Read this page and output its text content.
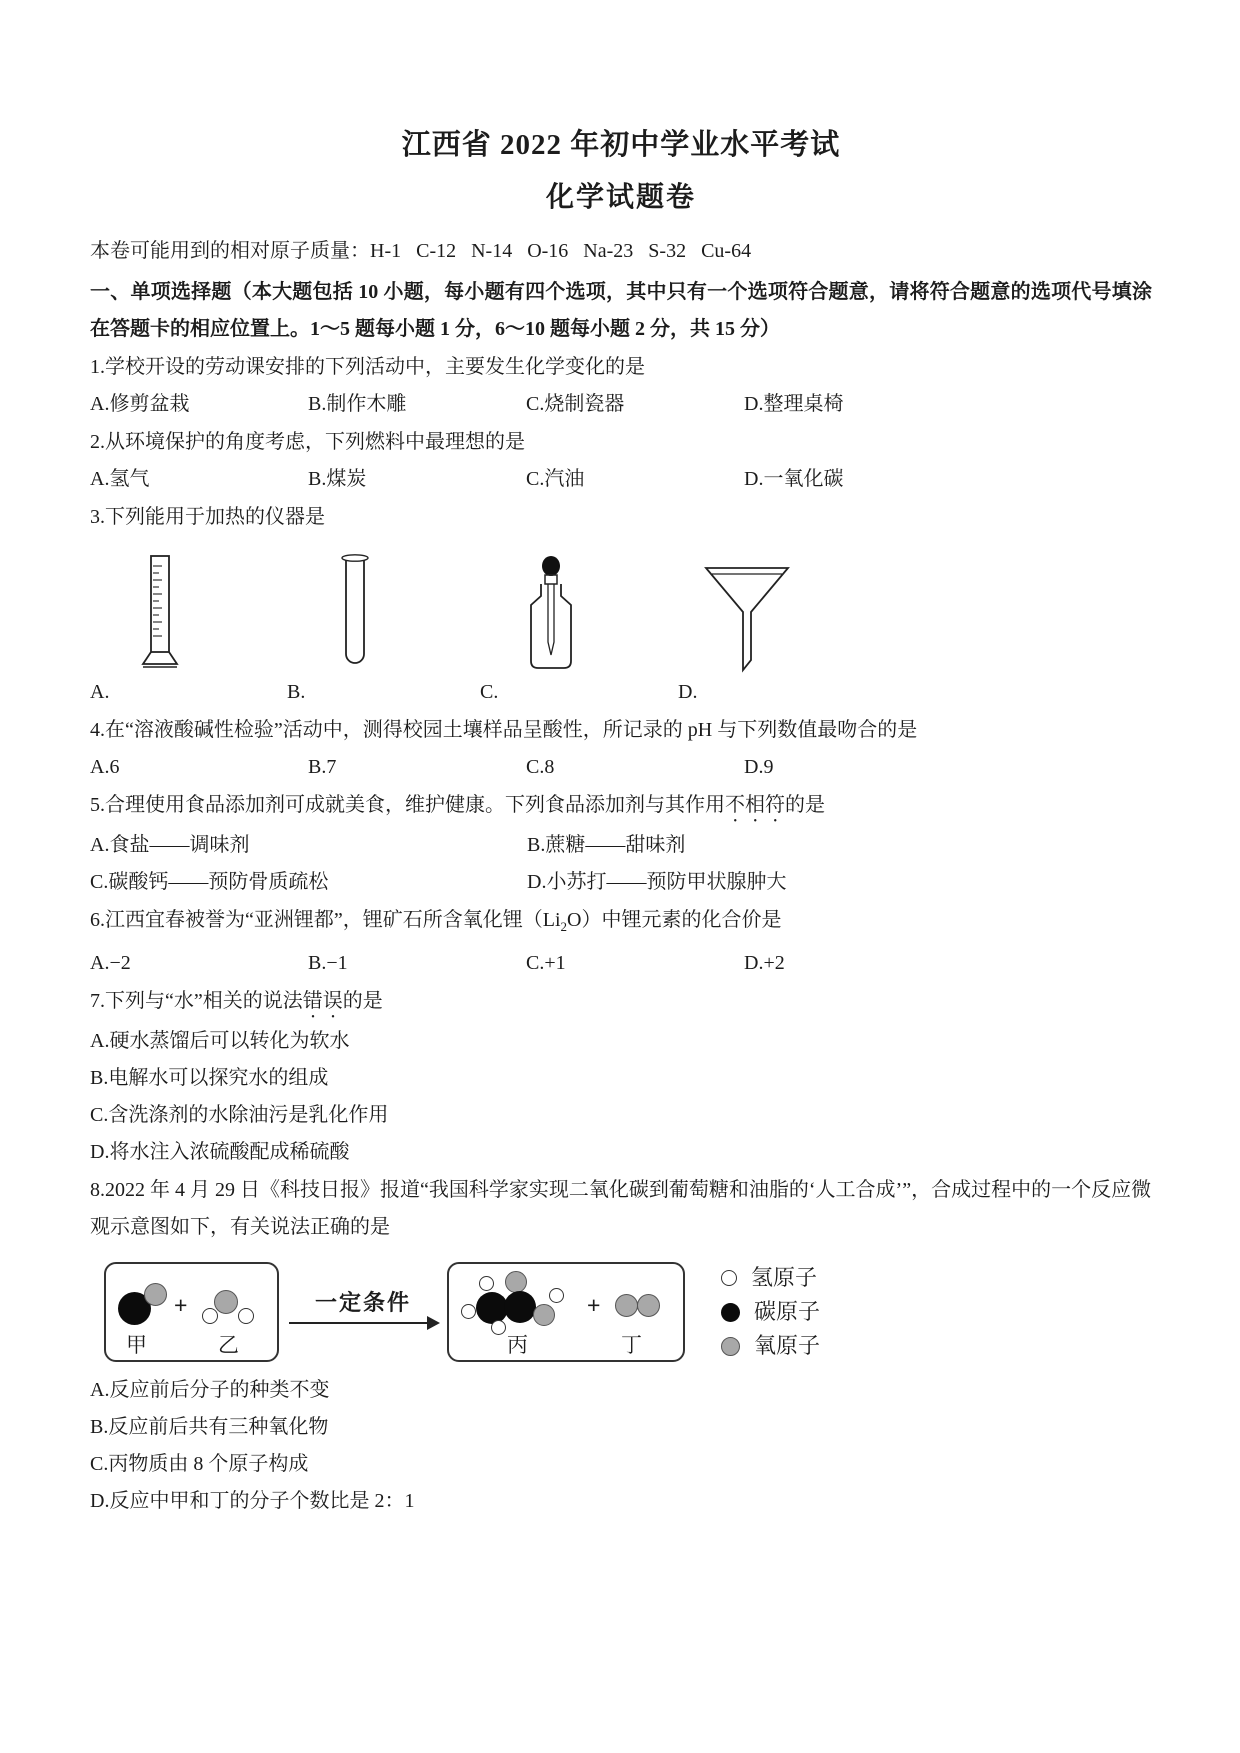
江西省 2022 年初中学业水平考试
化学试题卷

本卷可能用到的相对原子质量：H-1   C-12   N-14   O-16   Na-23   S-32   Cu-64

一、单项选择题（本大题包括 10 小题，每小题有四个选项，其中只有一个选项符合题意，请将符合题意的选项代号填涂在答题卡的相应位置上。1～5 题每小题 1 分，6～10 题每小题 2 分，共 15 分）

1.学校开设的劳动课安排的下列活动中，主要发生化学变化的是

A.修剪盆栽	B.制作木雕	C.烧制瓷器	D.整理桌椅

2.从环境保护的角度考虑，下列燃料中最理想的是

A.氢气	B.煤炭	C.汽油	D.一氧化碳

3.下列能用于加热的仪器是

A.	B.	C.	D.

4.在“溶液酸碱性检验”活动中，测得校园土壤样品呈酸性，所记录的 pH 与下列数值最吻合的是

A.6	B.7	C.8	D.9

5.合理使用食品添加剂可成就美食，维护健康。下列食品添加剂与其作用不相符的是

A.食盐——调味剂	B.蔗糖——甜味剂
C.碳酸钙——预防骨质疏松	D.小苏打——预防甲状腺肿大

6.江西宜春被誉为“亚洲锂都”，锂矿石所含氧化锂$(Li_2O)$中锂元素的化合价是

A.−2	B.−1	C.+1	D.+2

7.下列与“水”相关的说法错误的是

A.硬水蒸馏后可以转化为软水

B.电解水可以探究水的组成

C.含洗涤剂的水除油污是乳化作用

D.将水注入浓硫酸配成稀硫酸

8.2022 年 4 月 29 日《科技日报》报道“我国科学家实现二氧化碳到葡萄糖和油脂的‘人工合成’”，合成过程中的一个反应微观示意图如下，有关说法正确的是

+
甲	乙
一定条件	+
丙	丁
氢原子
碳原子
氧原子

A.反应前后分子的种类不变

B.反应前后共有三种氧化物

C.丙物质由 8 个原子构成

D.反应中甲和丁的分子个数比是 2：1
